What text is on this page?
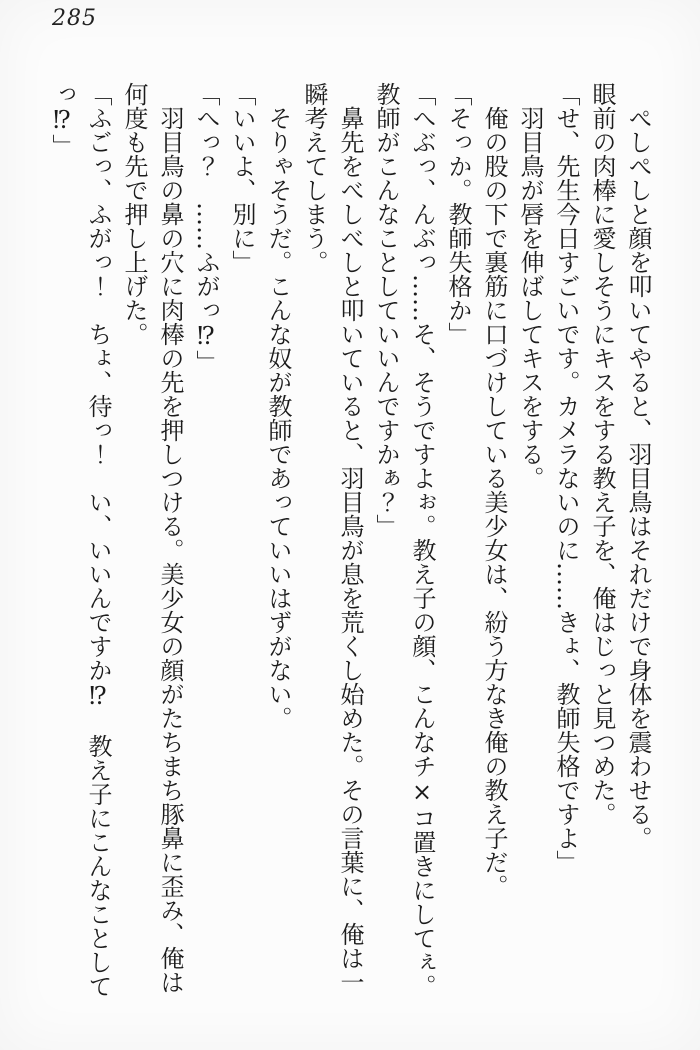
285

ぺしぺしと顔を叩いてやると、羽目鳥はそれだけで身体を震わせる。

眼前の肉棒に愛しそうにキスをする教え子を、俺はじっと見つめた。

「せ、先生今日すごいです。カメラないのに……きょ、教師失格ですよ」

羽目鳥が唇を伸ばしてキスをする。

俺の股の下で裏筋に口づけしている美少女は、紛う方なき俺の教え子だ。

「そっか。教師失格か」

「へぶっ、んぶっ……そ、そうですよぉ。教え子の顔、こんなチ×コ置きにしてぇ。

教師がこんなことしていいんですかぁ？」

鼻先をべしべしと叩いていると、羽目鳥が息を荒くし始めた。その言葉に、俺は一

瞬考えてしまう。

そりゃそうだ。こんな奴が教師であっていいはずがない。

「いいよ、別に」

「へっ？　……ふがっ⁉」

羽目鳥の鼻の穴に肉棒の先を押しつける。美少女の顔がたちまち豚鼻に歪み、俺は

何度も先で押し上げた。

「ふごっ、ふがっ！　ちょ、待っ！　い、いいんですか⁉　教え子にこんなことして

っ⁉」
